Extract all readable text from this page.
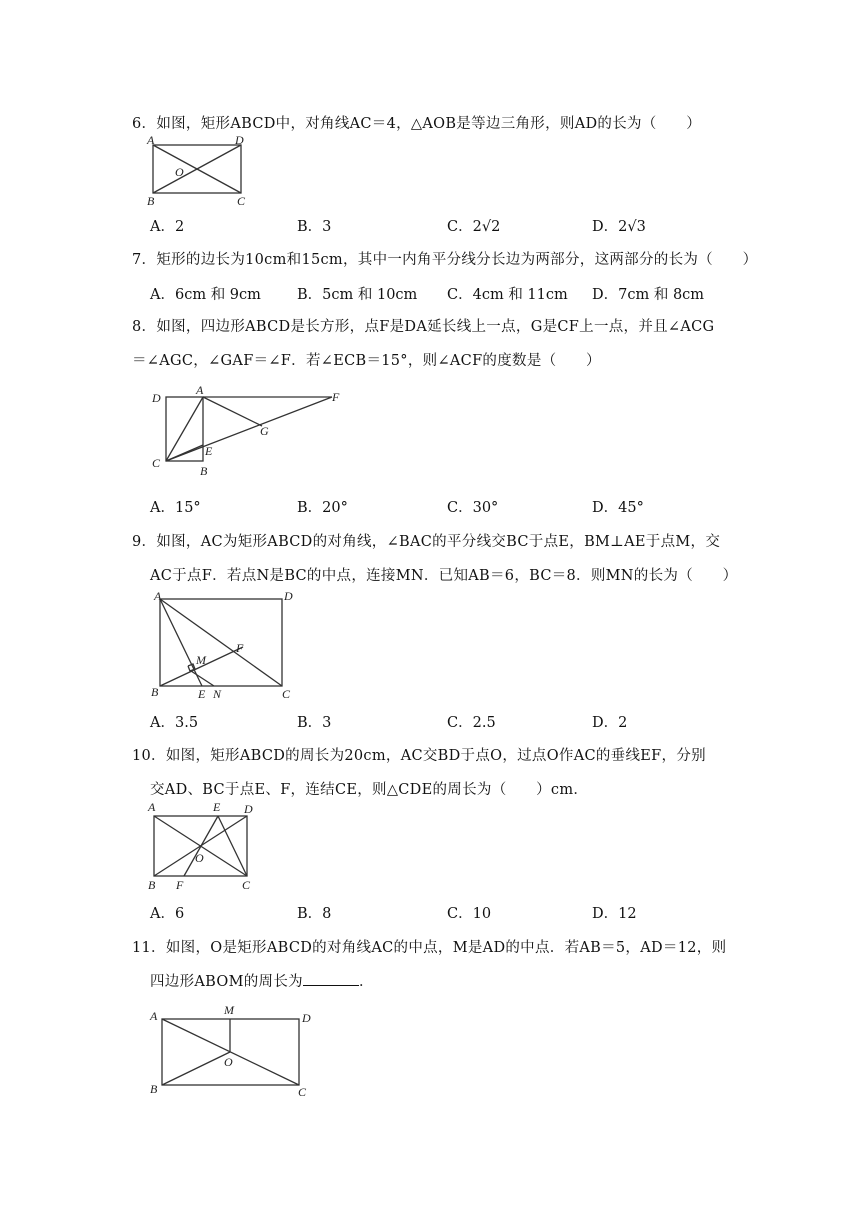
6．如图，矩形ABCD中，对角线AC＝4，△AOB是等边三角形，则AD的长为（　　）
A	D
B	C
O
A．2	B．3	C．2√2	D．2√3
7．矩形的边长为10cm和15cm，其中一内角平分线分长边为两部分，这两部分的长为（　　）
A．6cm 和 9cm B．5cm 和 10cm C．4cm 和 11cm D．7cm 和 8cm
8．如图，四边形ABCD是长方形，点F是DA延长线上一点，G是CF上一点，并且∠ACG
＝∠AGC，∠GAF＝∠F．若∠ECB＝15°，则∠ACF的度数是（　　）
D
A	F
G
E
C
B
A．15°	B．20°	C．30°	D．45°
9．如图，AC为矩形ABCD的对角线，∠BAC的平分线交BC于点E，BM⊥AE于点M，交
AC于点F．若点N是BC的中点，连接MN．已知AB＝6，BC＝8．则MN的长为（　　）
A	D
F
M
B	E N	C
A．3.5	B．3	C．2.5	D．2
10．如图，矩形ABCD的周长为20cm，AC交BD于点O，过点O作AC的垂线EF，分别
交AD、BC于点E、F，连结CE，则△CDE的周长为（　　）cm．
A	E D
O
B F	C
A．6	B．8	C．10	D．12
11．如图，O是矩形ABCD的对角线AC的中点，M是AD的中点．若AB＝5，AD＝12，则
四边形ABOM的周长为	．
A	M
D
O
B	C
